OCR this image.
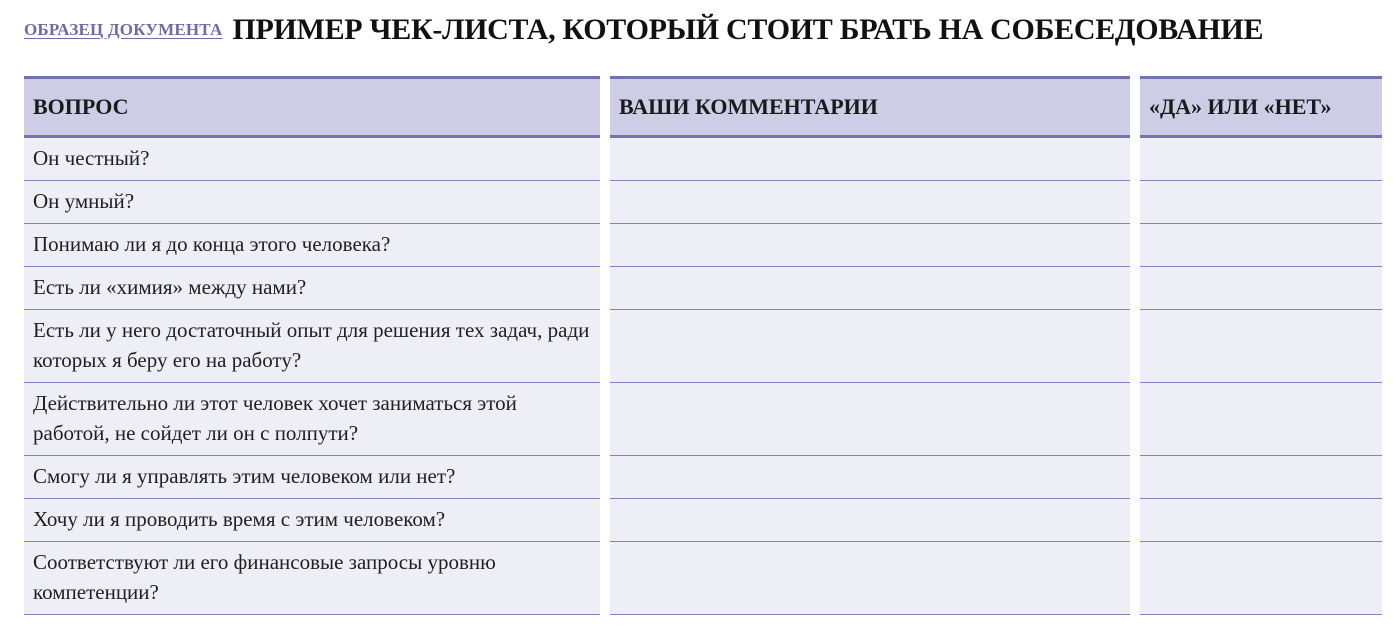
ОБРАЗЕЦ ДОКУМЕНТА ПРИМЕР ЧЕК-ЛИСТА, КОТОРЫЙ СТОИТ БРАТЬ НА СОБЕСЕДОВАНИЕ
ВОПРОС
Он честный?
Он умный?
Понимаю ли я до конца этого человека?
Есть ли «химия» между нами?
Есть ли у него достаточный опыт для решения тех задач, ради которых я беру его на работу?
Действительно ли этот человек хочет заниматься этой работой, не сойдет ли он с полпути?
Смогу ли я управлять этим человеком или нет?
Хочу ли я проводить время с этим человеком?
Соответствуют ли его финансовые запросы уровню компетенции?
ВАШИ КОММЕНТАРИИ	«ДА» ИЛИ «НЕТ»
